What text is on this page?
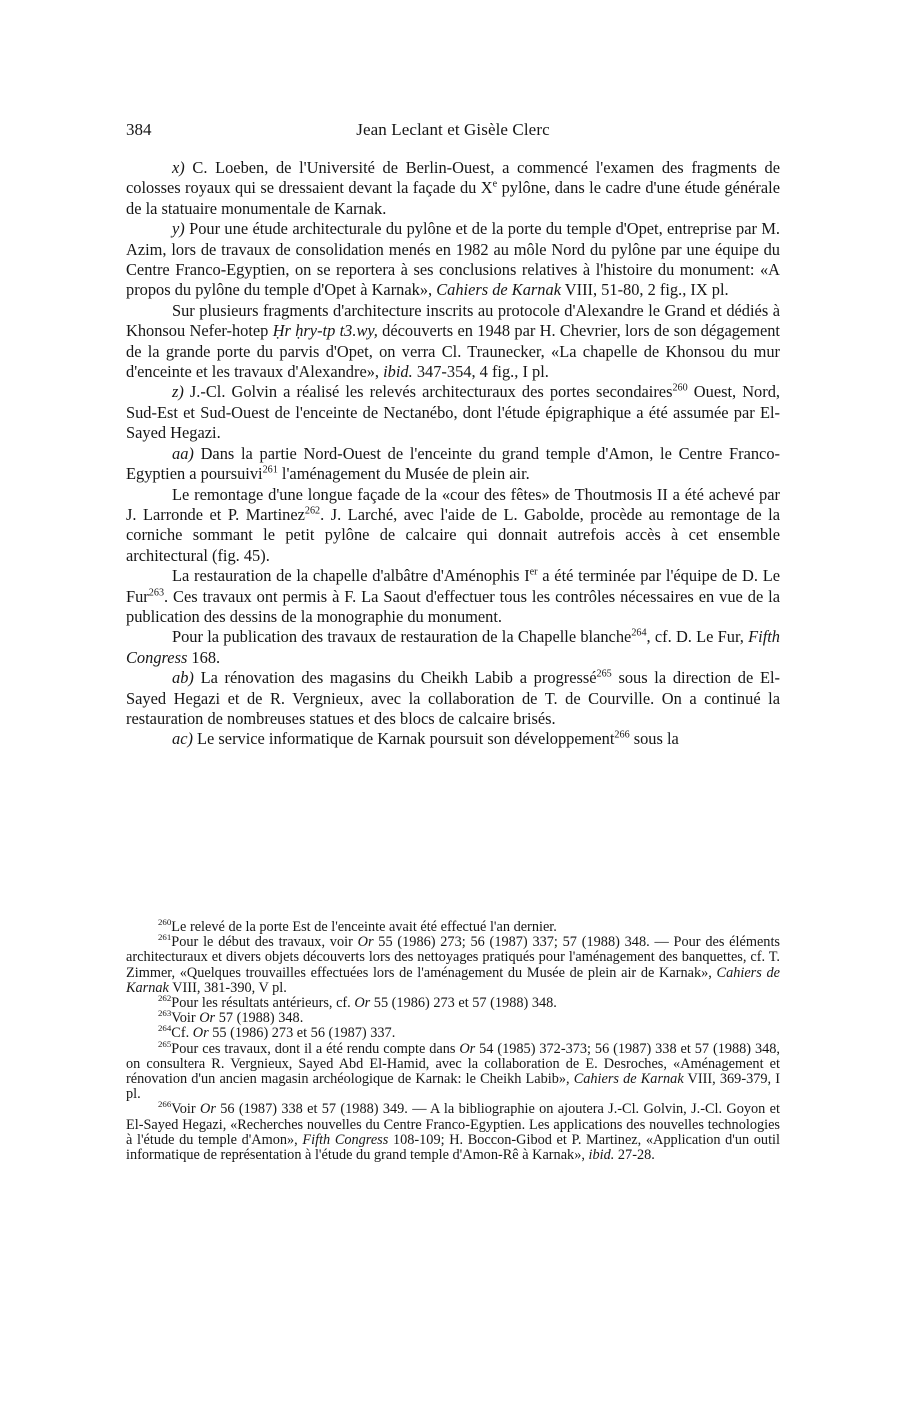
384	Jean Leclant et Gisèle Clerc

x) C. Loeben, de l'Université de Berlin-Ouest, a commencé l'examen des fragments de colosses royaux qui se dressaient devant la façade du Xe pylône, dans le cadre d'une étude générale de la statuaire monumentale de Karnak.

y) Pour une étude architecturale du pylône et de la porte du temple d'Opet, entreprise par M. Azim, lors de travaux de consolidation menés en 1982 au môle Nord du pylône par une équipe du Centre Franco-Egyptien, on se reportera à ses conclusions relatives à l'histoire du monument: «A propos du pylône du temple d'Opet à Karnak», Cahiers de Karnak VIII, 51-80, 2 fig., IX pl.

Sur plusieurs fragments d'architecture inscrits au protocole d'Alexandre le Grand et dédiés à Khonsou Nefer-hotep Ḥr ḥry-tp t3.wy, découverts en 1948 par H. Chevrier, lors de son dégagement de la grande porte du parvis d'Opet, on verra Cl. Traunecker, «La chapelle de Khonsou du mur d'enceinte et les travaux d'Alexandre», ibid. 347-354, 4 fig., I pl.

z) J.-Cl. Golvin a réalisé les relevés architecturaux des portes secondaires$^{260}$ Ouest, Nord, Sud-Est et Sud-Ouest de l'enceinte de Nectanébo, dont l'étude épigraphique a été assumée par El-Sayed Hegazi.

aa) Dans la partie Nord-Ouest de l'enceinte du grand temple d'Amon, le Centre Franco-Egyptien a poursuivi$^{261}$ l'aménagement du Musée de plein air.

Le remontage d'une longue façade de la «cour des fêtes» de Thoutmosis II a été achevé par J. Larronde et P. Martinez$^{262}$. J. Larché, avec l'aide de L. Gabolde, procède au remontage de la corniche sommant le petit pylône de calcaire qui donnait autrefois accès à cet ensemble architectural (fig. 45).

La restauration de la chapelle d'albâtre d'Aménophis Ier a été terminée par l'équipe de D. Le Fur$^{263}$. Ces travaux ont permis à F. La Saout d'effectuer tous les contrôles nécessaires en vue de la publication des dessins de la monographie du monument.

Pour la publication des travaux de restauration de la Chapelle blanche$^{264}$, cf. D. Le Fur, Fifth Congress 168.

ab) La rénovation des magasins du Cheikh Labib a progressé$^{265}$ sous la direction de El-Sayed Hegazi et de R. Vergnieux, avec la collaboration de T. de Courville. On a continué la restauration de nombreuses statues et des blocs de calcaire brisés.

ac) Le service informatique de Karnak poursuit son développement$^{266}$ sous la

$^{260}$Le relevé de la porte Est de l'enceinte avait été effectué l'an dernier.

$^{261}$Pour le début des travaux, voir Or 55 (1986) 273; 56 (1987) 337; 57 (1988) 348. — Pour des éléments architecturaux et divers objets découverts lors des nettoyages pratiqués pour l'aménagement des banquettes, cf. T. Zimmer, «Quelques trouvailles effectuées lors de l'aménagement du Musée de plein air de Karnak», Cahiers de Karnak VIII, 381-390, V pl.

$^{262}$Pour les résultats antérieurs, cf. Or 55 (1986) 273 et 57 (1988) 348.

$^{263}$Voir Or 57 (1988) 348.

$^{264}$Cf. Or 55 (1986) 273 et 56 (1987) 337.

$^{265}$Pour ces travaux, dont il a été rendu compte dans Or 54 (1985) 372-373; 56 (1987) 338 et 57 (1988) 348, on consultera R. Vergnieux, Sayed Abd El-Hamid, avec la collaboration de E. Desroches, «Aménagement et rénovation d'un ancien magasin archéologique de Karnak: le Cheikh Labib», Cahiers de Karnak VIII, 369-379, I pl.

$^{266}$Voir Or 56 (1987) 338 et 57 (1988) 349. — A la bibliographie on ajoutera J.-Cl. Golvin, J.-Cl. Goyon et El-Sayed Hegazi, «Recherches nouvelles du Centre Franco-Egyptien. Les applications des nouvelles technologies à l'étude du temple d'Amon», Fifth Congress 108-109; H. Boccon-Gibod et P. Martinez, «Application d'un outil informatique de représentation à l'étude du grand temple d'Amon-Rê à Karnak», ibid. 27-28.
